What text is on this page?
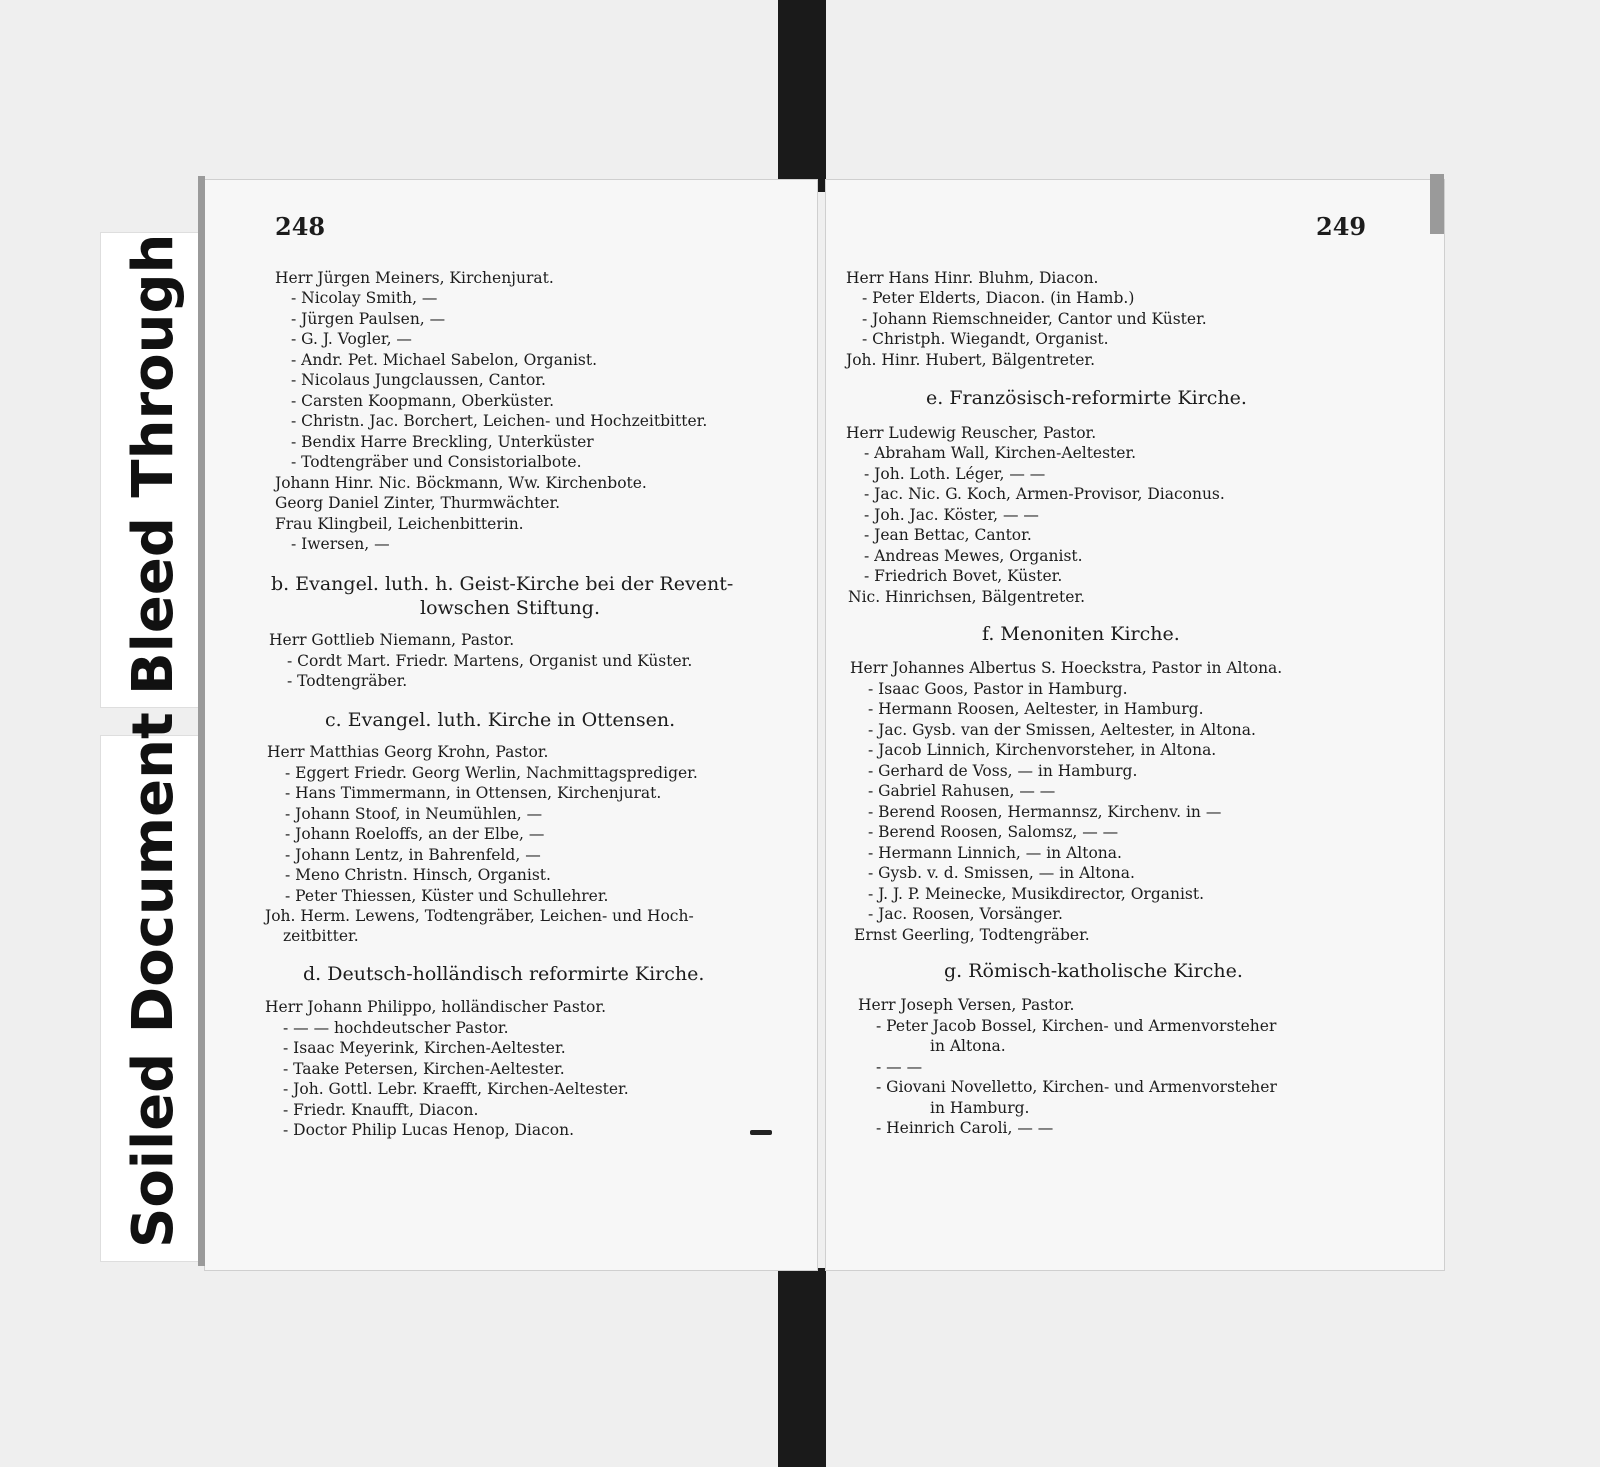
Bleed Through
Soiled Document
248
Herr Jürgen Meiners, Kirchenjurat.
- Nicolay Smith, —
- Jürgen Paulsen, —
- G. J. Vogler, —
- Andr. Pet. Michael Sabelon, Organist.
- Nicolaus Jungclaussen, Cantor.
- Carsten Koopmann, Oberküster.
- Christn. Jac. Borchert, Leichen- und Hochzeitbitter.
- Bendix Harre Breckling, Unterküster
- Todtengräber und Consistorialbote.
Johann Hinr. Nic. Böckmann, Ww. Kirchenbote.
Georg Daniel Zinter, Thurmwächter.
Frau Klingbeil, Leichenbitterin.
- Iwersen, —
b. Evangel. luth. h. Geist-Kirche bei der Revent-
lowschen Stiftung.
Herr Gottlieb Niemann, Pastor.
- Cordt Mart. Friedr. Martens, Organist und Küster.
- Todtengräber.
c. Evangel. luth. Kirche in Ottensen.
Herr Matthias Georg Krohn, Pastor.
- Eggert Friedr. Georg Werlin, Nachmittagsprediger.
- Hans Timmermann, in Ottensen, Kirchenjurat.
- Johann Stoof, in Neumühlen, —
- Johann Roeloffs, an der Elbe, —
- Johann Lentz, in Bahrenfeld, —
- Meno Christn. Hinsch, Organist.
- Peter Thiessen, Küster und Schullehrer.
Joh. Herm. Lewens, Todtengräber, Leichen- und Hoch-
zeitbitter.
d. Deutsch-holländisch reformirte Kirche.
Herr Johann Philippo, holländischer Pastor.
- — — hochdeutscher Pastor.
- Isaac Meyerink, Kirchen-Aeltester.
- Taake Petersen, Kirchen-Aeltester.
- Joh. Gottl. Lebr. Kraefft, Kirchen-Aeltester.
- Friedr. Knaufft, Diacon.
- Doctor Philip Lucas Henop, Diacon.
249
Herr Hans Hinr. Bluhm, Diacon.
- Peter Elderts, Diacon. (in Hamb.)
- Johann Riemschneider, Cantor und Küster.
- Christph. Wiegandt, Organist.
Joh. Hinr. Hubert, Bälgentreter.
e. Französisch-reformirte Kirche.
Herr Ludewig Reuscher, Pastor.
- Abraham Wall, Kirchen-Aeltester.
- Joh. Loth. Léger, — —
- Jac. Nic. G. Koch, Armen-Provisor, Diaconus.
- Joh. Jac. Köster, — —
- Jean Bettac, Cantor.
- Andreas Mewes, Organist.
- Friedrich Bovet, Küster.
Nic. Hinrichsen, Bälgentreter.
f. Menoniten Kirche.
Herr Johannes Albertus S. Hoeckstra, Pastor in Altona.
- Isaac Goos, Pastor in Hamburg.
- Hermann Roosen, Aeltester, in Hamburg.
- Jac. Gysb. van der Smissen, Aeltester, in Altona.
- Jacob Linnich, Kirchenvorsteher, in Altona.
- Gerhard de Voss, — in Hamburg.
- Gabriel Rahusen, — —
- Berend Roosen, Hermannsz, Kirchenv. in —
- Berend Roosen, Salomsz, — —
- Hermann Linnich, — in Altona.
- Gysb. v. d. Smissen, — in Altona.
- J. J. P. Meinecke, Musikdirector, Organist.
- Jac. Roosen, Vorsänger.
Ernst Geerling, Todtengräber.
g. Römisch-katholische Kirche.
Herr Joseph Versen, Pastor.
- Peter Jacob Bossel, Kirchen- und Armenvorsteher
in Altona.
- — —
- Giovani Novelletto, Kirchen- und Armenvorsteher
in Hamburg.
- Heinrich Caroli, — —
